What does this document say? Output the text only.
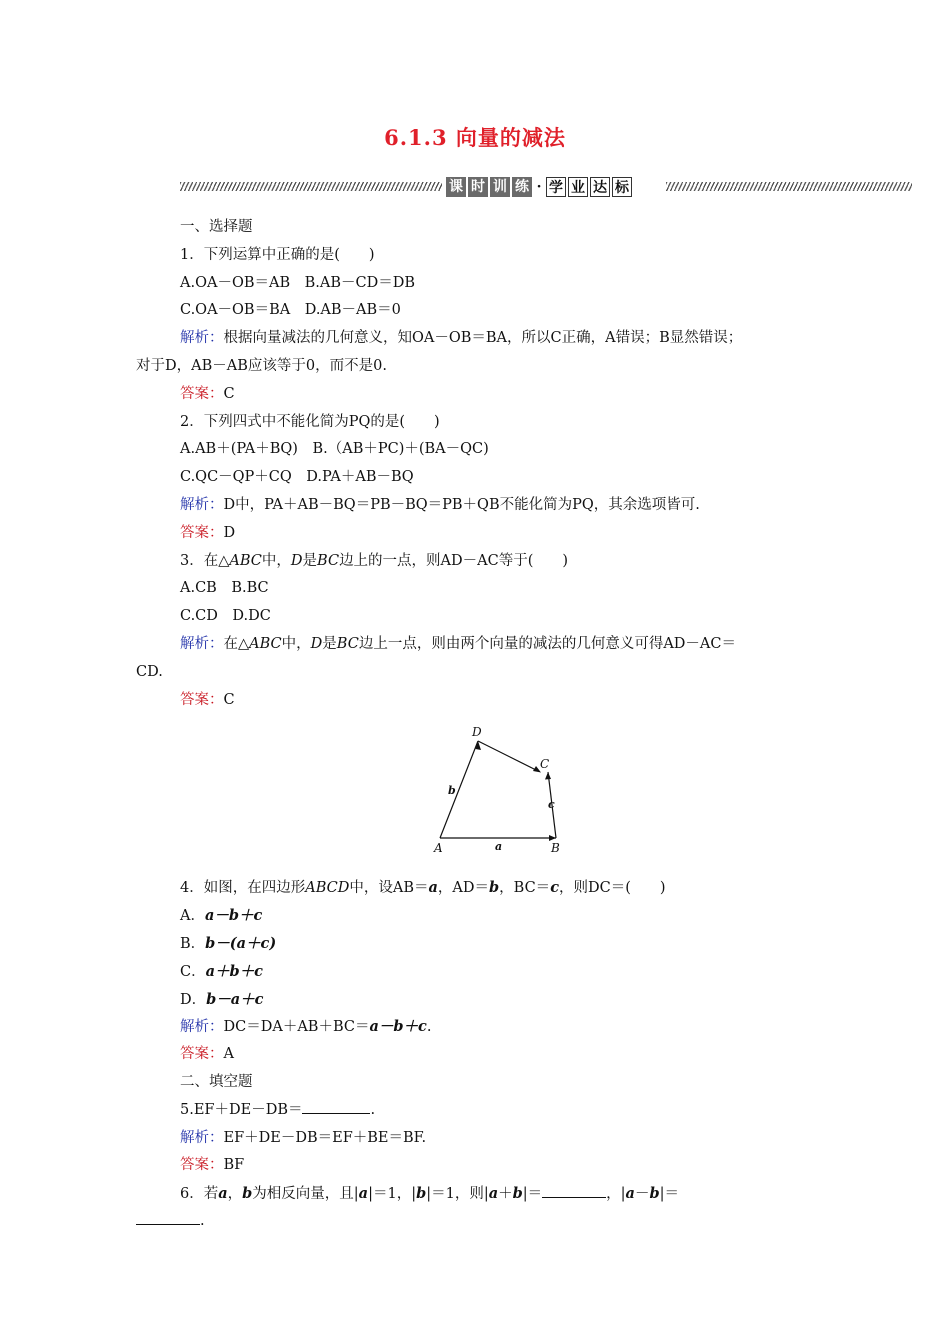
6.1.3 向量的减法
课 时 训 练 · 学 业 达 标
一、选择题
1．下列运算中正确的是(　　)
A.OA－OB＝AB　B.AB－CD＝DB
C.OA－OB＝BA　D.AB－AB＝0
解析：根据向量减法的几何意义，知OA－OB＝BA，所以C正确，A错误；B显然错误；
对于D，AB－AB应该等于0，而不是0.
答案：C
2．下列四式中不能化简为PQ的是(　　)
A.AB＋(PA＋BQ)　B.（AB＋PC)＋(BA－QC)
C.QC－QP＋CQ　D.PA＋AB－BQ
解析：D中，PA＋AB－BQ＝PB－BQ＝PB＋QB不能化简为PQ，其余选项皆可.
答案：D
3．在△ABC中，D是BC边上的一点，则AD－AC等于(　　)
A.CB　B.BC
C.CD　D.DC
解析：在△ABC中，D是BC边上一点，则由两个向量的减法的几何意义可得AD－AC＝
CD.
答案：C
4．如图，在四边形ABCD中，设AB＝a，AD＝b，BC＝c，则DC＝(　　)
A．a－b＋c
B．b－(a＋c)
C．a＋b＋c
D．b－a＋c
解析：DC＝DA＋AB＋BC＝a－b＋c.
答案：A
二、填空题
5.EF＋DE－DB＝	.
解析：EF＋DE－DB＝EF＋BE＝BF.
答案：BF
6．若a，b为相反向量，且|a|＝1，|b|＝1，则|a＋b|＝	，|a－b|＝
.
D
C
A	B
a
b
c
